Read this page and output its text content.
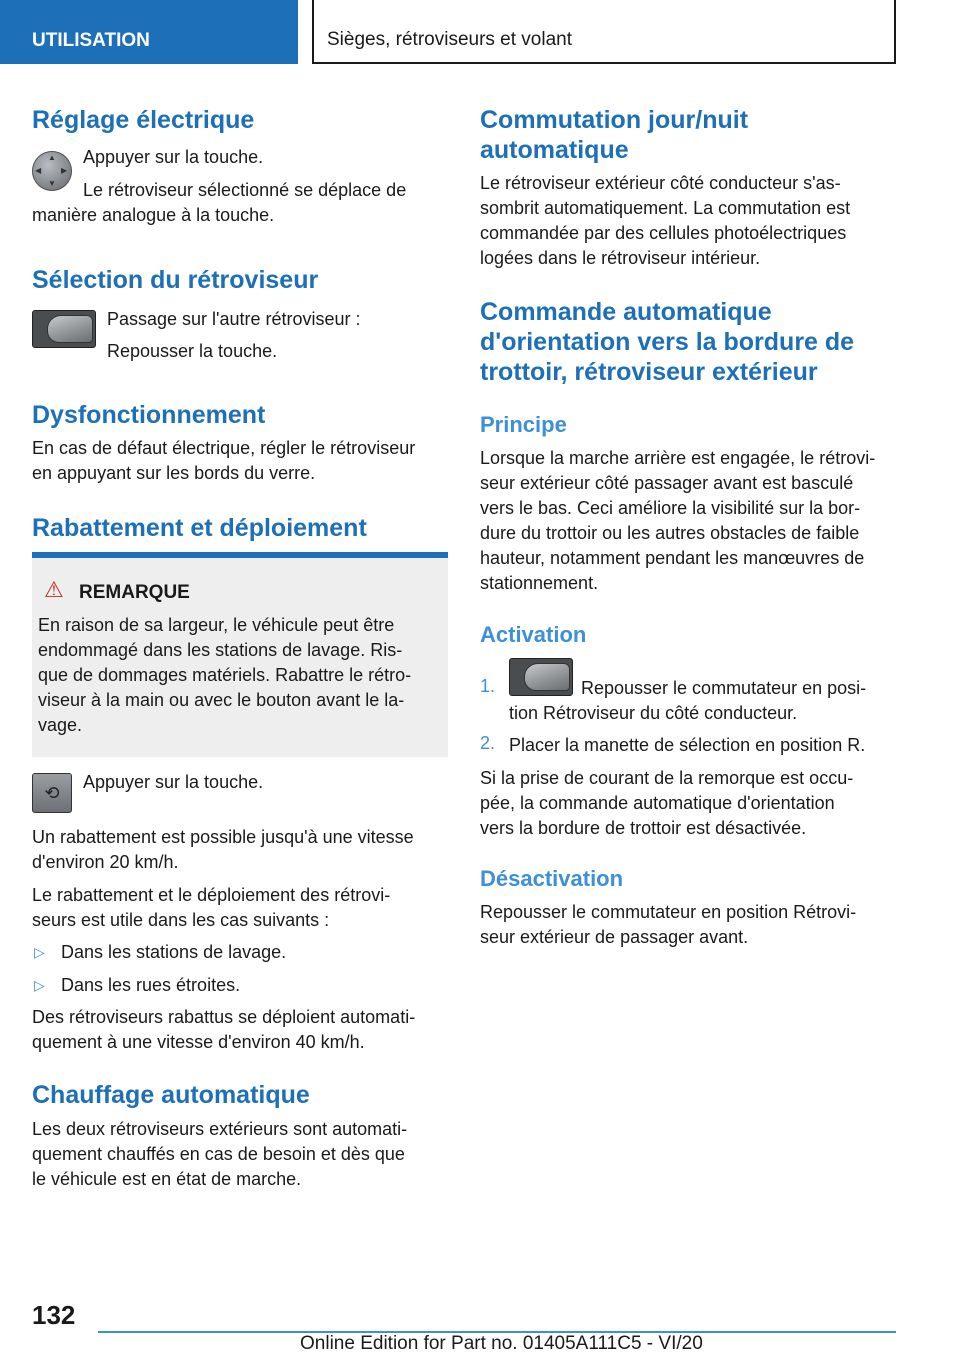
UTILISATION	Sièges, rétroviseurs et volant
Réglage électrique
▲
▼
◀ ▶

Appuyer sur la touche.

Le rétroviseur sélectionné se déplace de

manière analogue à la touche.

Sélection du rétroviseur

Passage sur l'autre rétroviseur :

Repousser la touche.

Dysfonctionnement

En cas de défaut électrique, régler le rétroviseur

en appuyant sur les bords du verre.

Rabattement et déploiement
⚠ REMARQUE

En raison de sa largeur, le véhicule peut être

endommagé dans les stations de lavage. Ris-

que de dommages matériels. Rabattre le rétro-

viseur à la main ou avec le bouton avant le la-

vage.

⟲

Appuyer sur la touche.

Un rabattement est possible jusqu'à une vitesse

d'environ 20 km/h.

Le rabattement et le déploiement des rétrovi-

seurs est utile dans les cas suivants :

▷ Dans les stations de lavage.

▷ Dans les rues étroites.

Des rétroviseurs rabattus se déploient automati-

quement à une vitesse d'environ 40 km/h.

Chauffage automatique

Les deux rétroviseurs extérieurs sont automati-

quement chauffés en cas de besoin et dès que

le véhicule est en état de marche.

Commutation jour/nuit
automatique

Le rétroviseur extérieur côté conducteur s'as-

sombrit automatiquement. La commutation est

commandée par des cellules photoélectriques

logées dans le rétroviseur intérieur.

Commande automatique
d'orientation vers la bordure de
trottoir, rétroviseur extérieur
Principe

Lorsque la marche arrière est engagée, le rétrovi-

seur extérieur côté passager avant est basculé

vers le bas. Ceci améliore la visibilité sur la bor-

dure du trottoir ou les autres obstacles de faible

hauteur, notamment pendant les manœuvres de

stationnement.

Activation
1.	Repousser le commutateur en posi-

tion Rétroviseur du côté conducteur.

2. Placer la manette de sélection en position R.

Si la prise de courant de la remorque est occu-

pée, la commande automatique d'orientation

vers la bordure de trottoir est désactivée.

Désactivation

Repousser le commutateur en position Rétrovi-

seur extérieur de passager avant.

132
Online Edition for Part no. 01405A111C5 - VI/20
